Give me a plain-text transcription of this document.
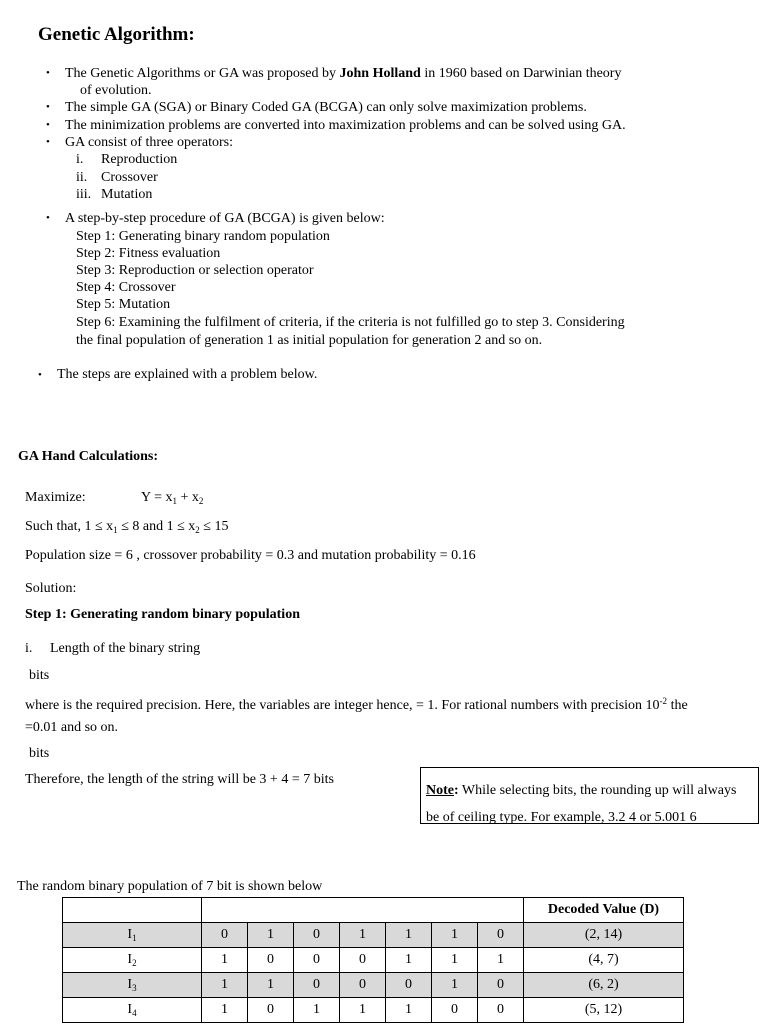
Genetic Algorithm:
• The Genetic Algorithms or GA was proposed by John Holland in 1960 based on Darwinian theory
of evolution.
• The simple GA (SGA) or Binary Coded GA (BCGA) can only solve maximization problems.
• The minimization problems are converted into maximization problems and can be solved using GA.
• GA consist of three operators:
i. Reproduction
ii. Crossover
iii. Mutation
• A step-by-step procedure of GA (BCGA) is given below:
Step 1: Generating binary random population
Step 2: Fitness evaluation
Step 3: Reproduction or selection operator
Step 4: Crossover
Step 5: Mutation
Step 6: Examining the fulfilment of criteria, if the criteria is not fulfilled go to step 3. Considering
the final population of generation 1 as initial population for generation 2 and so on.
• The steps are explained with a problem below.
GA Hand Calculations:
Maximize:	$Y = x_1 + x_2$
Such that, $1 \le x_1 \le 8$ and $1 \le x_2 \le 15$
Population size = 6 , crossover probability = 0.3 and mutation probability = 0.16
Solution:
Step 1: Generating random binary population
i. Length of the binary string
bits
where is the required precision. Here, the variables are integer hence, = 1. For rational numbers with precision $10^{-2}$ the
=0.01 and so on.
bits
Therefore, the length of the string will be 3 + 4 = 7 bits
Note: While selecting bits, the rounding up will always be of ceiling type. For example, 3.2 4 or 5.001 6
The random binary population of 7 bit is shown below
								Decoded Value (D)
$I_1$	0	1	0	1	1	1	0	(2, 14)
$I_2$	1	0	0	0	1	1	1	(4, 7)
$I_3$	1	1	0	0	0	1	0	(6, 2)
$I_4$	1	0	1	1	1	0	0	(5, 12)
